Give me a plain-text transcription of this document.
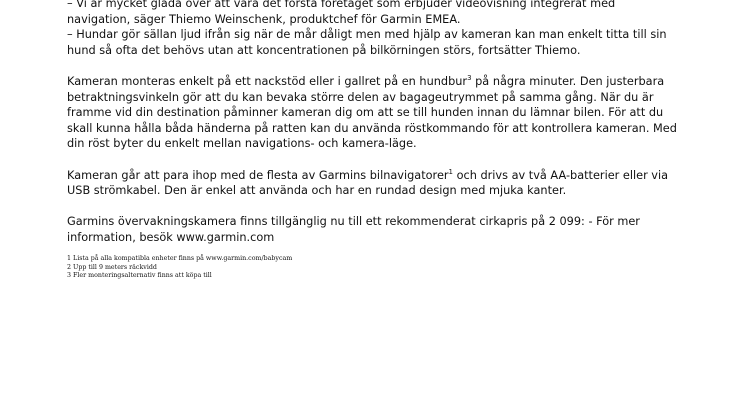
– Vi är mycket glada över att vara det första företaget som erbjuder videovisning integrerat med
navigation, säger Thiemo Weinschenk, produktchef för Garmin EMEA.
– Hundar gör sällan ljud ifrån sig när de mår dåligt men med hjälp av kameran kan man enkelt titta till sin
hund så ofta det behövs utan att koncentrationen på bilkörningen störs, fortsätter Thiemo.
Kameran monteras enkelt på ett nackstöd eller i gallret på en hundbur$^3$ på några minuter. Den justerbara
betraktningsvinkeln gör att du kan bevaka större delen av bagageutrymmet på samma gång. När du är
framme vid din destination påminner kameran dig om att se till hunden innan du lämnar bilen. För att du
skall kunna hålla båda händerna på ratten kan du använda röstkommando för att kontrollera kameran. Med
din röst byter du enkelt mellan navigations- och kamera-läge.
Kameran går att para ihop med de flesta av Garmins bilnavigatorer$^1$ och drivs av två AA-batterier eller via
USB strömkabel. Den är enkel att använda och har en rundad design med mjuka kanter.
Garmins övervakningskamera finns tillgänglig nu till ett rekommenderat cirkapris på 2 099: - För mer
information, besök www.garmin.com
1 Lista på alla kompatibla enheter finns på www.garmin.com/babycam
2 Upp till 9 meters räckvidd
3 Fler monteringsalternativ finns att köpa till
